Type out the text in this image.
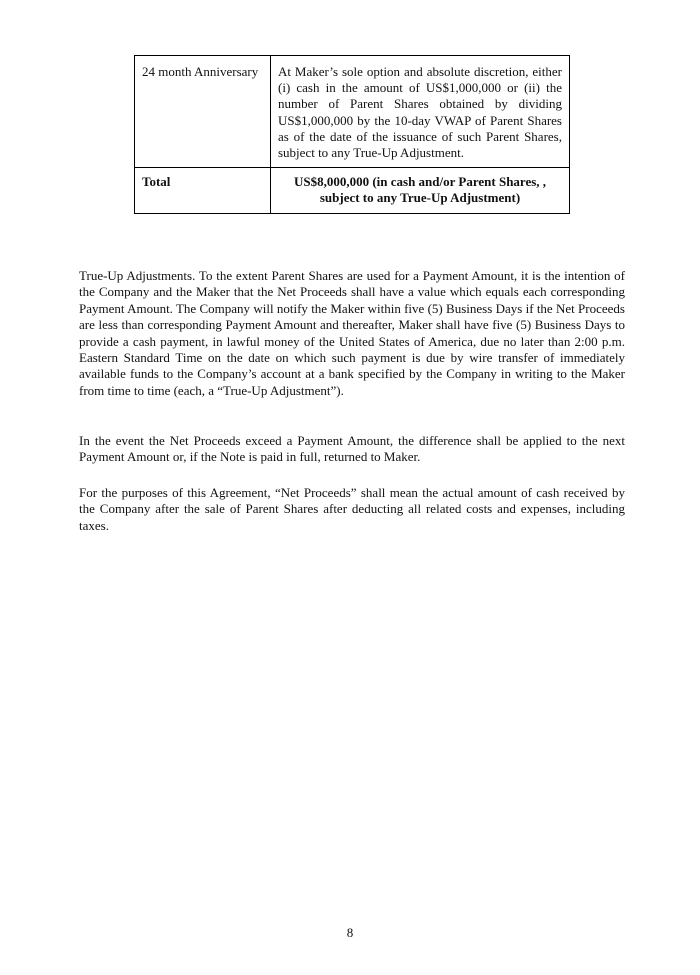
24 month Anniversary	At Maker’s sole option and absolute discretion, either (i) cash in the amount of US$1,000,000 or (ii) the number of Parent Shares obtained by dividing US$1,000,000 by the 10-day VWAP of Parent Shares as of the date of the issuance of such Parent Shares, subject to any True-Up Adjustment.
Total	US$8,000,000 (in cash and/or Parent Shares, , subject to any True-Up Adjustment)

True-Up Adjustments. To the extent Parent Shares are used for a Payment Amount, it is the intention of the Company and the Maker that the Net Proceeds shall have a value which equals each corresponding Payment Amount. The Company will notify the Maker within five (5) Business Days if the Net Proceeds are less than corresponding Payment Amount and thereafter, Maker shall have five (5) Business Days to provide a cash payment, in lawful money of the United States of America, due no later than 2:00 p.m. Eastern Standard Time on the date on which such payment is due by wire transfer of immediately available funds to the Company’s account at a bank specified by the Company in writing to the Maker from time to time (each, a “True-Up Adjustment”).

In the event the Net Proceeds exceed a Payment Amount, the difference shall be applied to the next Payment Amount or, if the Note is paid in full, returned to Maker.

For the purposes of this Agreement, “Net Proceeds” shall mean the actual amount of cash received by the Company after the sale of Parent Shares after deducting all related costs and expenses, including taxes.

8
